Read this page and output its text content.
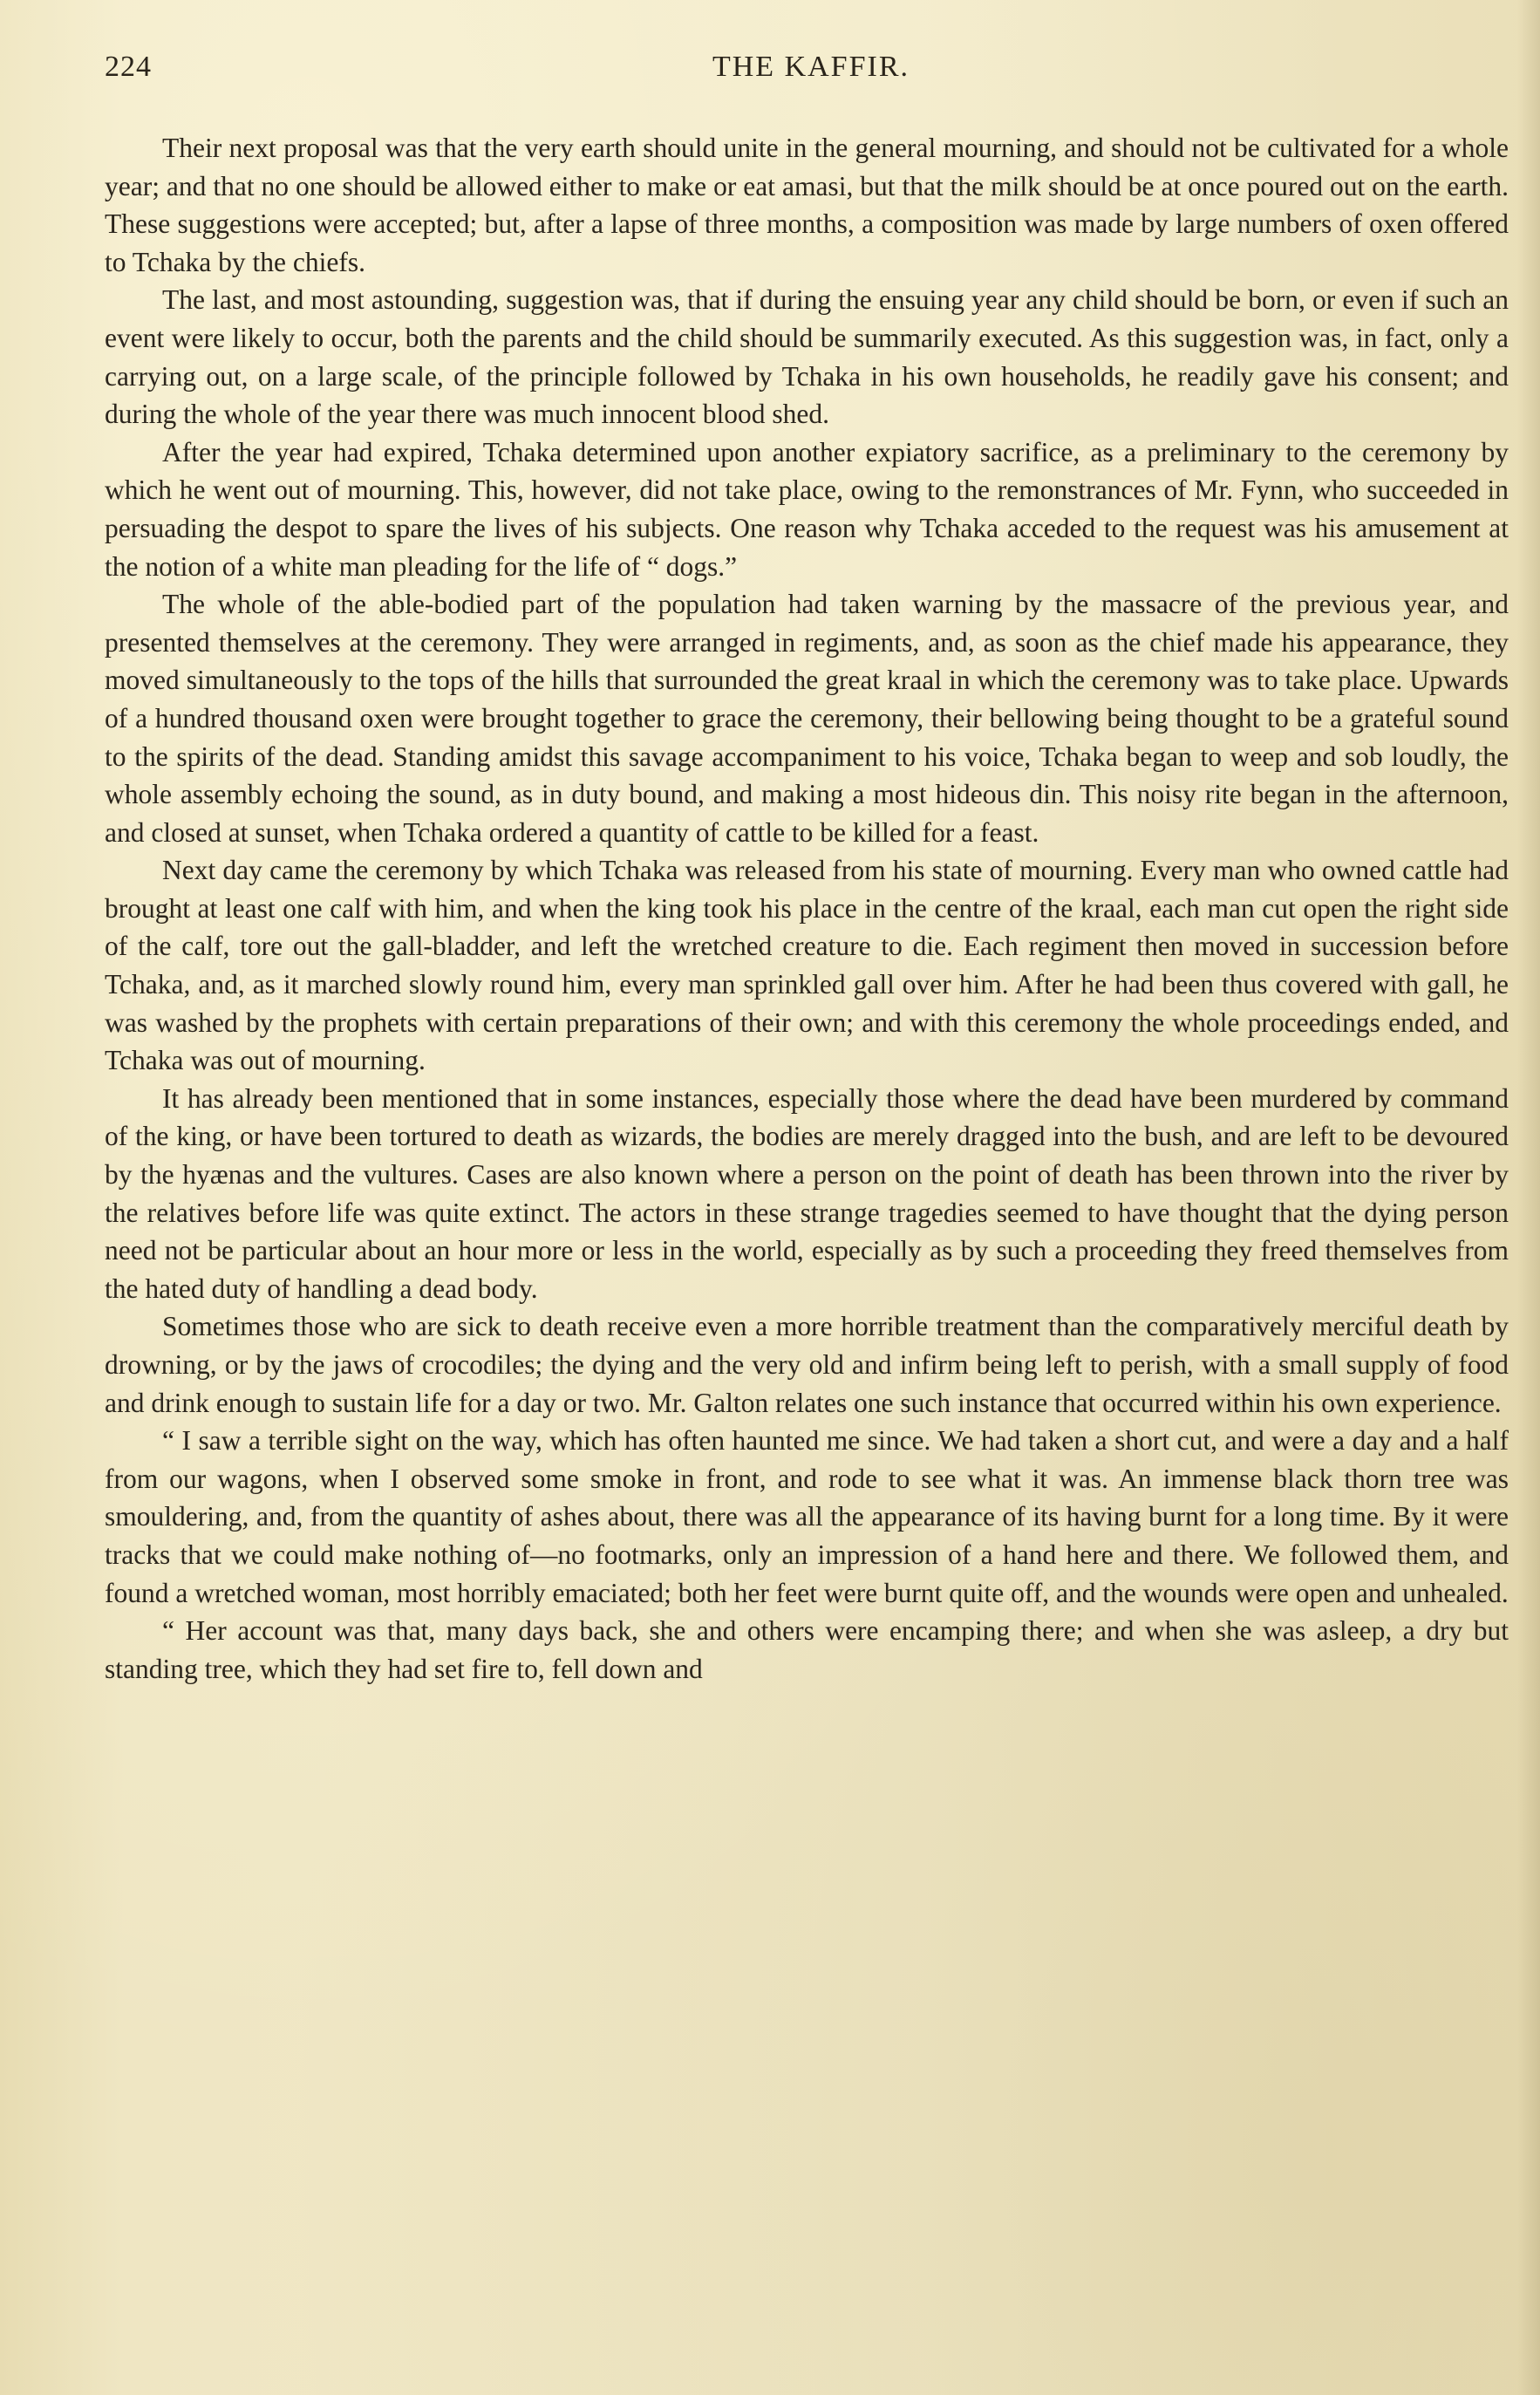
224	THE KAFFIR.

Their next proposal was that the very earth should unite in the general mourning, and should not be cultivated for a whole year; and that no one should be allowed either to make or eat amasi, but that the milk should be at once poured out on the earth. These suggestions were accepted; but, after a lapse of three months, a composition was made by large numbers of oxen offered to Tchaka by the chiefs.

The last, and most astounding, suggestion was, that if during the ensuing year any child should be born, or even if such an event were likely to occur, both the parents and the child should be summarily executed. As this suggestion was, in fact, only a carrying out, on a large scale, of the principle followed by Tchaka in his own households, he readily gave his consent; and during the whole of the year there was much innocent blood shed.

After the year had expired, Tchaka determined upon another expiatory sacrifice, as a preliminary to the ceremony by which he went out of mourning. This, however, did not take place, owing to the remonstrances of Mr. Fynn, who succeeded in persuading the despot to spare the lives of his subjects. One reason why Tchaka acceded to the request was his amusement at the notion of a white man pleading for the life of “ dogs.”

The whole of the able-bodied part of the population had taken warning by the massacre of the previous year, and presented themselves at the ceremony. They were arranged in regiments, and, as soon as the chief made his appearance, they moved simultaneously to the tops of the hills that surrounded the great kraal in which the ceremony was to take place. Upwards of a hundred thousand oxen were brought together to grace the ceremony, their bellowing being thought to be a grateful sound to the spirits of the dead. Standing amidst this savage accompaniment to his voice, Tchaka began to weep and sob loudly, the whole assembly echoing the sound, as in duty bound, and making a most hideous din. This noisy rite began in the afternoon, and closed at sunset, when Tchaka ordered a quantity of cattle to be killed for a feast.

Next day came the ceremony by which Tchaka was released from his state of mourning. Every man who owned cattle had brought at least one calf with him, and when the king took his place in the centre of the kraal, each man cut open the right side of the calf, tore out the gall-bladder, and left the wretched creature to die. Each regiment then moved in succession before Tchaka, and, as it marched slowly round him, every man sprinkled gall over him. After he had been thus covered with gall, he was washed by the prophets with certain preparations of their own; and with this ceremony the whole proceedings ended, and Tchaka was out of mourning.

It has already been mentioned that in some instances, especially those where the dead have been murdered by command of the king, or have been tortured to death as wizards, the bodies are merely dragged into the bush, and are left to be devoured by the hyænas and the vultures. Cases are also known where a person on the point of death has been thrown into the river by the relatives before life was quite extinct. The actors in these strange tragedies seemed to have thought that the dying person need not be particular about an hour more or less in the world, especially as by such a proceeding they freed themselves from the hated duty of handling a dead body.

Sometimes those who are sick to death receive even a more horrible treatment than the comparatively merciful death by drowning, or by the jaws of crocodiles; the dying and the very old and infirm being left to perish, with a small supply of food and drink enough to sustain life for a day or two. Mr. Galton relates one such instance that occurred within his own experience.

“ I saw a terrible sight on the way, which has often haunted me since. We had taken a short cut, and were a day and a half from our wagons, when I observed some smoke in front, and rode to see what it was. An immense black thorn tree was smouldering, and, from the quantity of ashes about, there was all the appearance of its having burnt for a long time. By it were tracks that we could make nothing of—no footmarks, only an impression of a hand here and there. We followed them, and found a wretched woman, most horribly emaciated; both her feet were burnt quite off, and the wounds were open and unhealed.

“ Her account was that, many days back, she and others were encamping there; and when she was asleep, a dry but standing tree, which they had set fire to, fell down and
